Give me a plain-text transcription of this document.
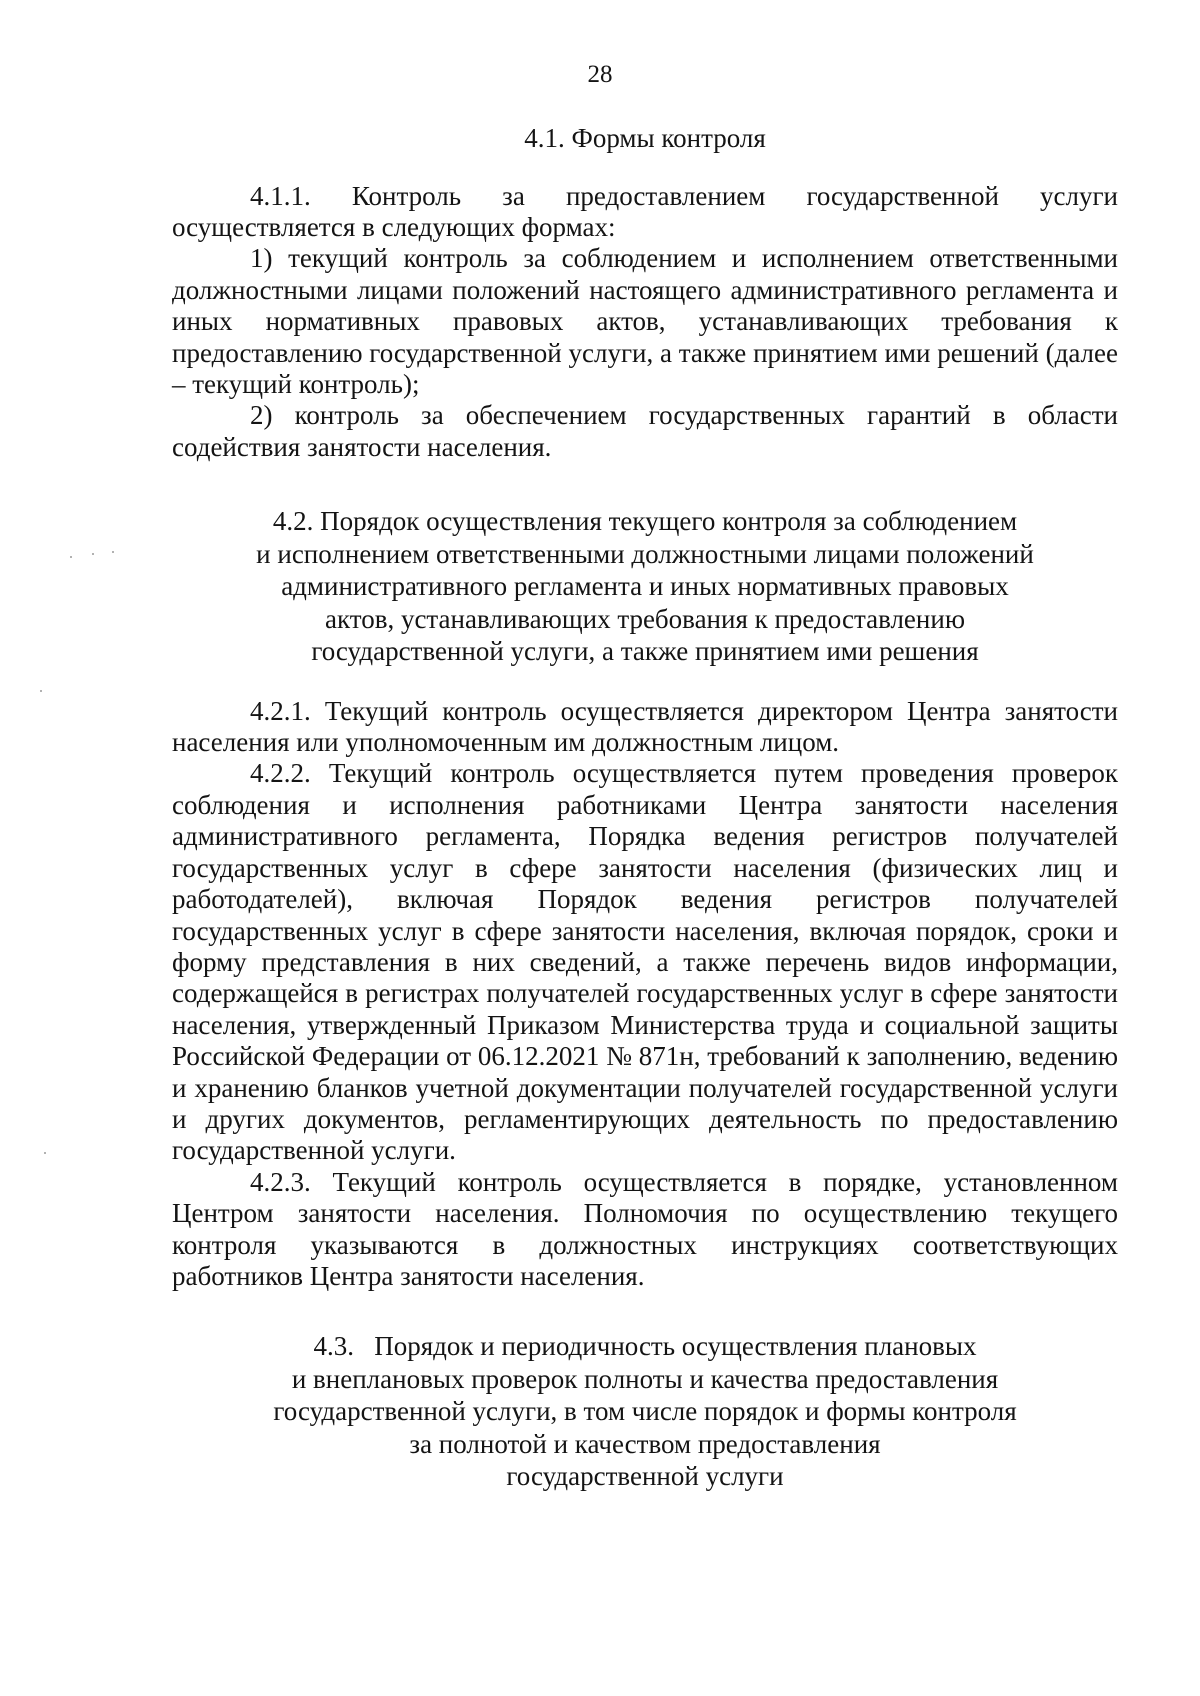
28
4.1. Формы контроля

4.1.1. Контроль за предоставлением государственной услуги осуществляется в следующих формах:

1) текущий контроль за соблюдением и исполнением ответственными должностными лицами положений настоящего административного регламента и иных нормативных правовых актов, устанавливающих требования к предоставлению государственной услуги, а также принятием ими решений (далее – текущий контроль);

2) контроль за обеспечением государственных гарантий в области содействия занятости населения.

4.2. Порядок осуществления текущего контроля за соблюдением
и исполнением ответственными должностными лицами положений
административного регламента и иных нормативных правовых
актов, устанавливающих требования к предоставлению
государственной услуги, а также принятием ими решения

4.2.1. Текущий контроль осуществляется директором Центра занятости населения или уполномоченным им должностным лицом.

4.2.2. Текущий контроль осуществляется путем проведения проверок соблюдения и исполнения работниками Центра занятости населения административного регламента, Порядка ведения регистров получателей государственных услуг в сфере занятости населения (физических лиц и работодателей), включая Порядок ведения регистров получателей государственных услуг в сфере занятости населения, включая порядок, сроки и форму представления в них сведений, а также перечень видов информации, содержащейся в регистрах получателей государственных услуг в сфере занятости населения, утвержденный Приказом Министерства труда и социальной защиты Российской Федерации от 06.12.2021 № 871н, требований к заполнению, ведению и хранению бланков учетной документации получателей государственной услуги и других документов, регламентирующих деятельность по предоставлению государственной услуги.

4.2.3. Текущий контроль осуществляется в порядке, установленном Центром занятости населения. Полномочия по осуществлению текущего контроля указываются в должностных инструкциях соответствующих работников Центра занятости населения.

4.3.   Порядок и периодичность осуществления плановых
и внеплановых проверок полноты и качества предоставления
государственной услуги, в том числе порядок и формы контроля
за полнотой и качеством предоставления
государственной услуги
